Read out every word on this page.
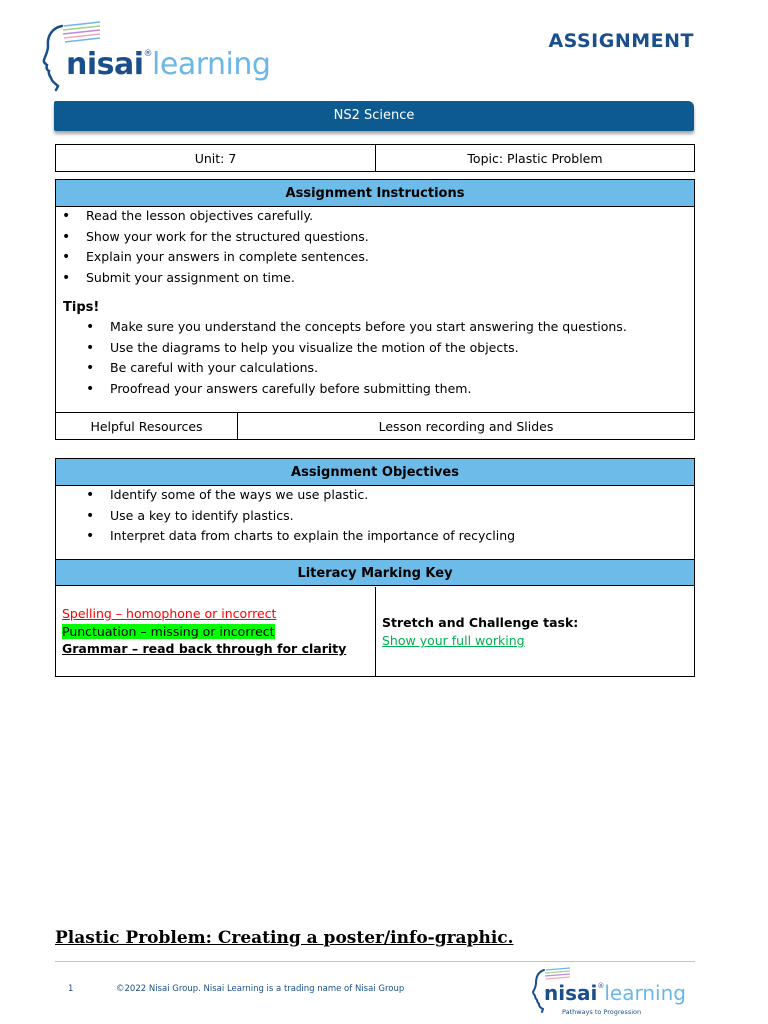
nisai®learning
ASSIGNMENT
NS2 Science
Unit: 7	Topic: Plastic Problem
Assignment Instructions
• Read the lesson objectives carefully.
• Show your work for the structured questions.
• Explain your answers in complete sentences.
• Submit your assignment on time.
Tips!
• Make sure you understand the concepts before you start answering the questions.
• Use the diagrams to help you visualize the motion of the objects.
• Be careful with your calculations.
• Proofread your answers carefully before submitting them.
Helpful Resources	Lesson recording and Slides
Assignment Objectives
• Identify some of the ways we use plastic.
• Use a key to identify plastics.
• Interpret data from charts to explain the importance of recycling
Literacy Marking Key
Spelling – homophone or incorrect
Punctuation – missing or incorrect
Grammar – read back through for clarity
Stretch and Challenge task:
Show your full working
Plastic Problem: Creating a poster/info-graphic.
1	©2022 Nisai Group. Nisai Learning is a trading name of Nisai Group	nisai®learning
Pathways to Progression
